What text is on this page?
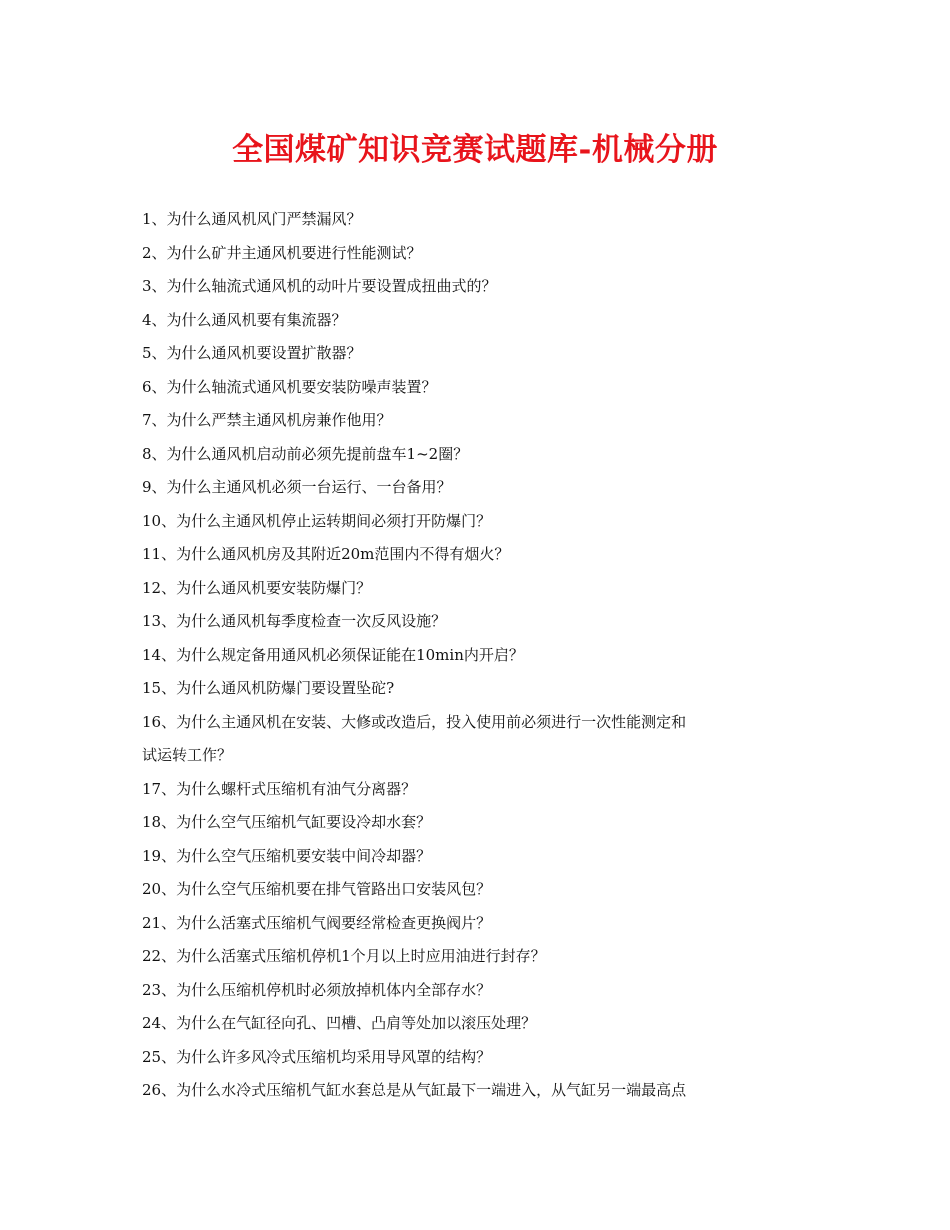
全国煤矿知识竞赛试题库-机械分册
1、为什么通风机风门严禁漏风？
2、为什么矿井主通风机要进行性能测试？
3、为什么轴流式通风机的动叶片要设置成扭曲式的？
4、为什么通风机要有集流器？
5、为什么通风机要设置扩散器？
6、为什么轴流式通风机要安装防噪声装置？
7、为什么严禁主通风机房兼作他用？
8、为什么通风机启动前必须先提前盘车1~2圈？
9、为什么主通风机必须一台运行、一台备用？
10、为什么主通风机停止运转期间必须打开防爆门？
11、为什么通风机房及其附近20m范围内不得有烟火？
12、为什么通风机要安装防爆门？
13、为什么通风机每季度检查一次反风设施？
14、为什么规定备用通风机必须保证能在10min内开启？
15、为什么通风机防爆门要设置坠砣?
16、为什么主通风机在安装、大修或改造后，投入使用前必须进行一次性能测定和
试运转工作？
17、为什么螺杆式压缩机有油气分离器？
18、为什么空气压缩机气缸要设冷却水套？
19、为什么空气压缩机要安装中间冷却器？
20、为什么空气压缩机要在排气管路出口安装风包？
21、为什么活塞式压缩机气阀要经常检查更换阀片？
22、为什么活塞式压缩机停机1个月以上时应用油进行封存？
23、为什么压缩机停机时必须放掉机体内全部存水？
24、为什么在气缸径向孔、凹槽、凸肩等处加以滚压处理？
25、为什么许多风冷式压缩机均采用导风罩的结构？
26、为什么水冷式压缩机气缸水套总是从气缸最下一端进入，从气缸另一端最高点
